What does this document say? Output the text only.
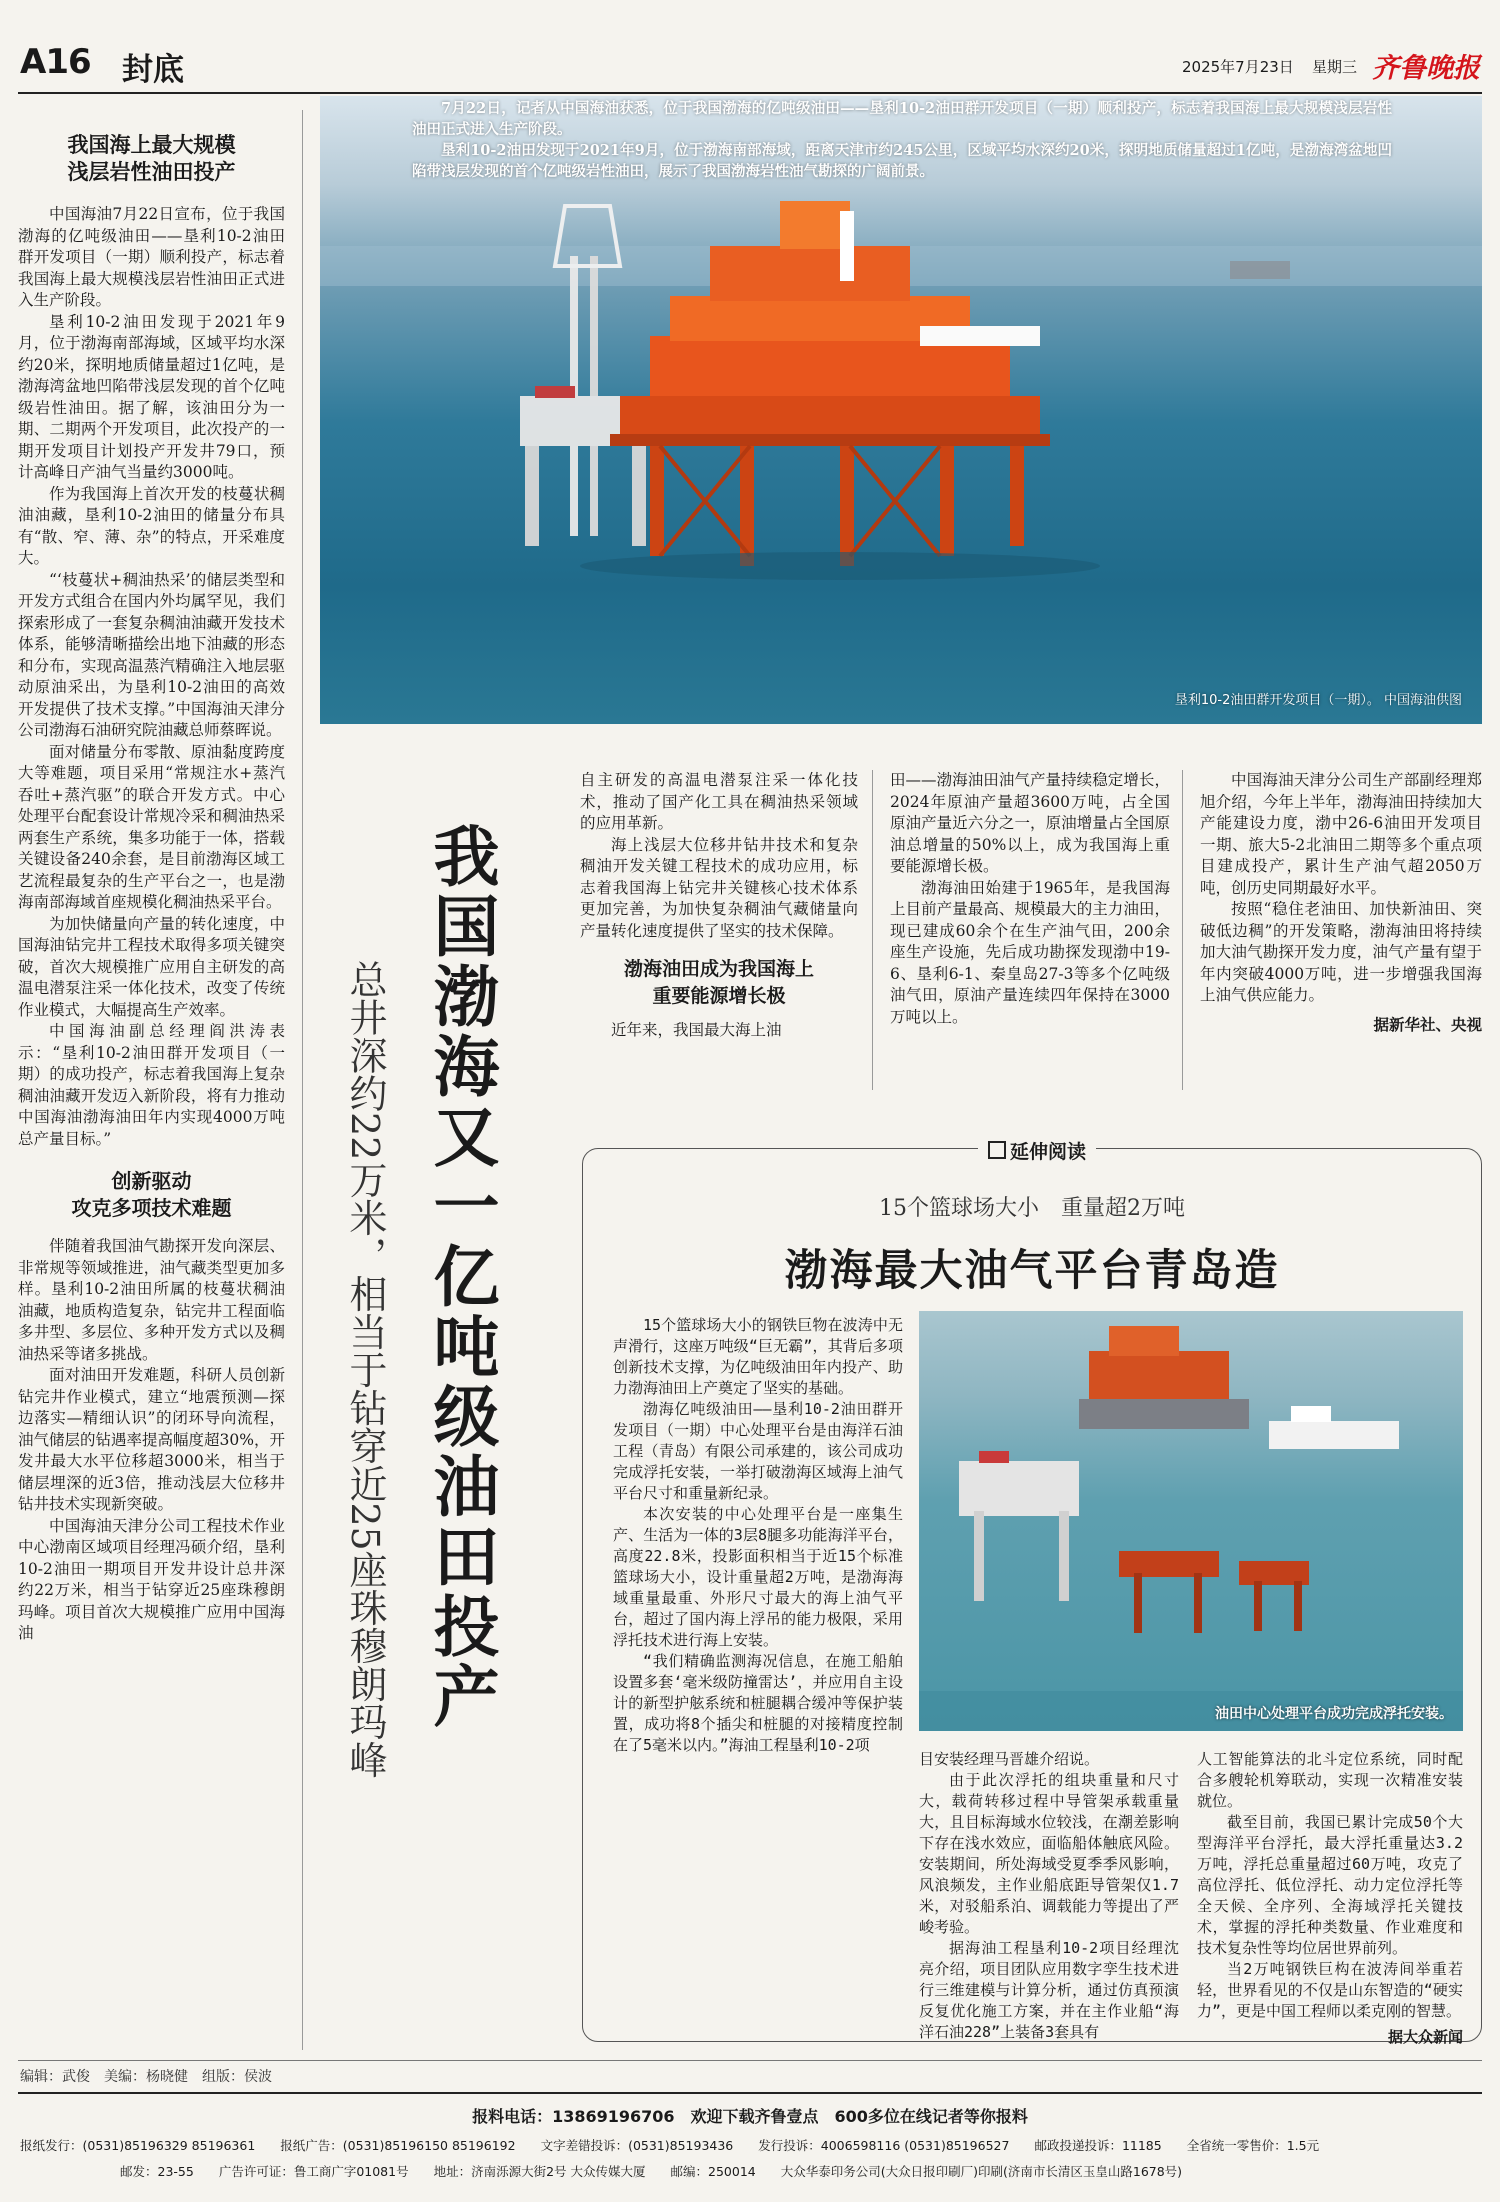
A16 封底	2025年7月23日 星期三 齐鲁晚报
我国海上最大规模
浅层岩性油田投产

中国海油7月22日宣布，位于我国渤海的亿吨级油田——垦利10-2油田群开发项目（一期）顺利投产，标志着我国海上最大规模浅层岩性油田正式进入生产阶段。

垦利10-2油田发现于2021年9月，位于渤海南部海域，区域平均水深约20米，探明地质储量超过1亿吨，是渤海湾盆地凹陷带浅层发现的首个亿吨级岩性油田。据了解，该油田分为一期、二期两个开发项目，此次投产的一期开发项目计划投产开发井79口，预计高峰日产油气当量约3000吨。

作为我国海上首次开发的枝蔓状稠油油藏，垦利10-2油田的储量分布具有“散、窄、薄、杂”的特点，开采难度大。

“‘枝蔓状+稠油热采’的储层类型和开发方式组合在国内外均属罕见，我们探索形成了一套复杂稠油油藏开发技术体系，能够清晰描绘出地下油藏的形态和分布，实现高温蒸汽精确注入地层驱动原油采出，为垦利10-2油田的高效开发提供了技术支撑。”中国海油天津分公司渤海石油研究院油藏总师蔡晖说。

面对储量分布零散、原油黏度跨度大等难题，项目采用“常规注水+蒸汽吞吐+蒸汽驱”的联合开发方式。中心处理平台配套设计常规冷采和稠油热采两套生产系统，集多功能于一体，搭载关键设备240余套，是目前渤海区域工艺流程最复杂的生产平台之一，也是渤海南部海域首座规模化稠油热采平台。

为加快储量向产量的转化速度，中国海油钻完井工程技术取得多项关键突破，首次大规模推广应用自主研发的高温电潜泵注采一体化技术，改变了传统作业模式，大幅提高生产效率。

中国海油副总经理阎洪涛表示：“垦利10-2油田群开发项目（一期）的成功投产，标志着我国海上复杂稠油油藏开发迈入新阶段，将有力推动中国海油渤海油田年内实现4000万吨总产量目标。”

创新驱动
攻克多项技术难题

伴随着我国油气勘探开发向深层、非常规等领域推进，油气藏类型更加多样。垦利10-2油田所属的枝蔓状稠油油藏，地质构造复杂，钻完井工程面临多井型、多层位、多种开发方式以及稠油热采等诸多挑战。

面对油田开发难题，科研人员创新钻完井作业模式，建立“地震预测—探边落实—精细认识”的闭环导向流程，油气储层的钻遇率提高幅度超30%，开发井最大水平位移超3000米，相当于储层埋深的近3倍，推动浅层大位移井钻井技术实现新突破。

中国海油天津分公司工程技术作业中心渤南区域项目经理冯硕介绍，垦利10-2油田一期项目开发井设计总井深约22万米，相当于钻穿近25座珠穆朗玛峰。项目首次大规模推广应用中国海油

7月22日，记者从中国海油获悉，位于我国渤海的亿吨级油田——垦利10-2油田群开发项目（一期）顺利投产，标志着我国海上最大规模浅层岩性油田正式进入生产阶段。

垦利10-2油田发现于2021年9月，位于渤海南部海域，距离天津市约245公里，区域平均水深约20米，探明地质储量超过1亿吨，是渤海湾盆地凹陷带浅层发现的首个亿吨级岩性油田，展示了我国渤海岩性油气勘探的广阔前景。

垦利10-2油田群开发项目（一期）。 中国海油供图
我国渤海又一亿吨级油田投产
总井深约22万米，相当于钻穿近25座珠穆朗玛峰

自主研发的高温电潜泵注采一体化技术，推动了国产化工具在稠油热采领域的应用革新。

海上浅层大位移井钻井技术和复杂稠油开发关键工程技术的成功应用，标志着我国海上钻完井关键核心技术体系更加完善，为加快复杂稠油气藏储量向产量转化速度提供了坚实的技术保障。

渤海油田成为我国海上
重要能源增长极

近年来，我国最大海上油

田——渤海油田油气产量持续稳定增长，2024年原油产量超3600万吨，占全国原油产量近六分之一，原油增量占全国原油总增量的50%以上，成为我国海上重要能源增长极。

渤海油田始建于1965年，是我国海上目前产量最高、规模最大的主力油田，现已建成60余个在生产油气田，200余座生产设施，先后成功勘探发现渤中19-6、垦利6-1、秦皇岛27-3等多个亿吨级油气田，原油产量连续四年保持在3000万吨以上。

中国海油天津分公司生产部副经理郑旭介绍，今年上半年，渤海油田持续加大产能建设力度，渤中26-6油田开发项目一期、旅大5-2北油田二期等多个重点项目建成投产，累计生产油气超2050万吨，创历史同期最好水平。

按照“稳住老油田、加快新油田、突破低边稠”的开发策略，渤海油田将持续加大油气勘探开发力度，油气产量有望于年内突破4000万吨，进一步增强我国海上油气供应能力。

据新华社、央视
延伸阅读
15个篮球场大小　重量超2万吨
渤海最大油气平台青岛造
油田中心处理平台成功完成浮托安装。

15个篮球场大小的钢铁巨物在波涛中无声滑行，这座万吨级“巨无霸”，其背后多项创新技术支撑，为亿吨级油田年内投产、助力渤海油田上产奠定了坚实的基础。

渤海亿吨级油田——垦利10-2油田群开发项目（一期）中心处理平台是由海洋石油工程（青岛）有限公司承建的，该公司成功完成浮托安装，一举打破渤海区域海上油气平台尺寸和重量新纪录。

本次安装的中心处理平台是一座集生产、生活为一体的3层8腿多功能海洋平台，高度22.8米，投影面积相当于近15个标准篮球场大小，设计重量超2万吨，是渤海海域重量最重、外形尺寸最大的海上油气平台，超过了国内海上浮吊的能力极限，采用浮托技术进行海上安装。

“我们精确监测海况信息，在施工船舶设置多套‘毫米级防撞雷达’，并应用自主设计的新型护舷系统和桩腿耦合缓冲等保护装置，成功将8个插尖和桩腿的对接精度控制在了5毫米以内。”海油工程垦利10-2项

目安装经理马晋雄介绍说。

由于此次浮托的组块重量和尺寸大，载荷转移过程中导管架承载重量大，且目标海域水位较浅，在潮差影响下存在浅水效应，面临船体触底风险。安装期间，所处海域受夏季季风影响，风浪频发，主作业船底距导管架仅1.7米，对驳船系泊、调载能力等提出了严峻考验。

据海油工程垦利10-2项目经理沈亮介绍，项目团队应用数字孪生技术进行三维建模与计算分析，通过仿真预演反复优化施工方案，并在主作业船“海洋石油228”上装备3套具有

人工智能算法的北斗定位系统，同时配合多艘轮机筹联动，实现一次精准安装就位。

截至目前，我国已累计完成50个大型海洋平台浮托，最大浮托重量达3.2万吨，浮托总重量超过60万吨，攻克了高位浮托、低位浮托、动力定位浮托等全天候、全序列、全海域浮托关键技术，掌握的浮托种类数量、作业难度和技术复杂性等均位居世界前列。

当2万吨钢铁巨构在波涛间举重若轻，世界看见的不仅是山东智造的“硬实力”，更是中国工程师以柔克刚的智慧。

据大众新闻
编辑：武俊　美编：杨晓健　组版：侯波
报料电话：13869196706　欢迎下载齐鲁壹点　600多位在线记者等你报料
报纸发行：(0531)85196329 85196361　　报纸广告：(0531)85196150 85196192　　文字差错投诉：(0531)85193436　　发行投诉：4006598116 (0531)85196527　　邮政投递投诉：11185　　全省统一零售价：1.5元
邮发：23-55　　广告许可证：鲁工商广字01081号　　地址：济南泺源大街2号 大众传媒大厦　　邮编：250014　　大众华泰印务公司(大众日报印刷厂)印刷(济南市长清区玉皇山路1678号)
